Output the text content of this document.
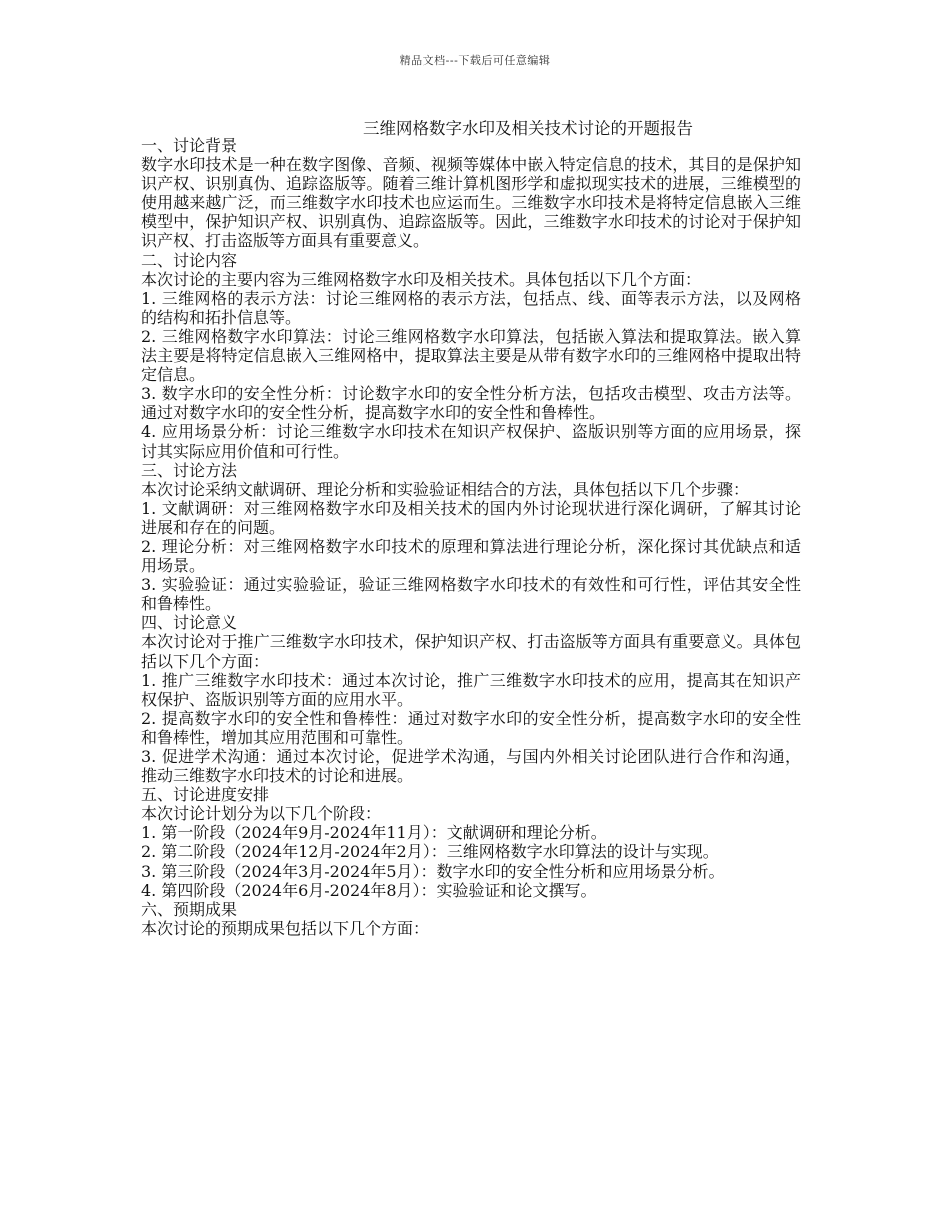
精品文档---下载后可任意编辑
三维网格数字水印及相关技术讨论的开题报告

一、讨论背景

数字水印技术是一种在数字图像、音频、视频等媒体中嵌入特定信息的技术，其目的是保护知识产权、识别真伪、追踪盗版等。随着三维计算机图形学和虚拟现实技术的进展，三维模型的使用越来越广泛，而三维数字水印技术也应运而生。三维数字水印技术是将特定信息嵌入三维模型中，保护知识产权、识别真伪、追踪盗版等。因此，三维数字水印技术的讨论对于保护知识产权、打击盗版等方面具有重要意义。

二、讨论内容

本次讨论的主要内容为三维网格数字水印及相关技术。具体包括以下几个方面：

1. 三维网格的表示方法：讨论三维网格的表示方法，包括点、线、面等表示方法，以及网格的结构和拓扑信息等。

2. 三维网格数字水印算法：讨论三维网格数字水印算法，包括嵌入算法和提取算法。嵌入算法主要是将特定信息嵌入三维网格中，提取算法主要是从带有数字水印的三维网格中提取出特定信息。

3. 数字水印的安全性分析：讨论数字水印的安全性分析方法，包括攻击模型、攻击方法等。通过对数字水印的安全性分析，提高数字水印的安全性和鲁棒性。

4. 应用场景分析：讨论三维数字水印技术在知识产权保护、盗版识别等方面的应用场景，探讨其实际应用价值和可行性。

三、讨论方法

本次讨论采纳文献调研、理论分析和实验验证相结合的方法，具体包括以下几个步骤：

1. 文献调研：对三维网格数字水印及相关技术的国内外讨论现状进行深化调研，了解其讨论进展和存在的问题。

2. 理论分析：对三维网格数字水印技术的原理和算法进行理论分析，深化探讨其优缺点和适用场景。

3. 实验验证：通过实验验证，验证三维网格数字水印技术的有效性和可行性，评估其安全性和鲁棒性。

四、讨论意义

本次讨论对于推广三维数字水印技术，保护知识产权、打击盗版等方面具有重要意义。具体包括以下几个方面：

1. 推广三维数字水印技术：通过本次讨论，推广三维数字水印技术的应用，提高其在知识产权保护、盗版识别等方面的应用水平。

2. 提高数字水印的安全性和鲁棒性：通过对数字水印的安全性分析，提高数字水印的安全性和鲁棒性，增加其应用范围和可靠性。

3. 促进学术沟通：通过本次讨论，促进学术沟通，与国内外相关讨论团队进行合作和沟通，推动三维数字水印技术的讨论和进展。

五、讨论进度安排

本次讨论计划分为以下几个阶段：

1. 第一阶段（2024年9月-2024年11月）：文献调研和理论分析。

2. 第二阶段（2024年12月-2024年2月）：三维网格数字水印算法的设计与实现。

3. 第三阶段（2024年3月-2024年5月）：数字水印的安全性分析和应用场景分析。

4. 第四阶段（2024年6月-2024年8月）：实验验证和论文撰写。

六、预期成果

本次讨论的预期成果包括以下几个方面：
